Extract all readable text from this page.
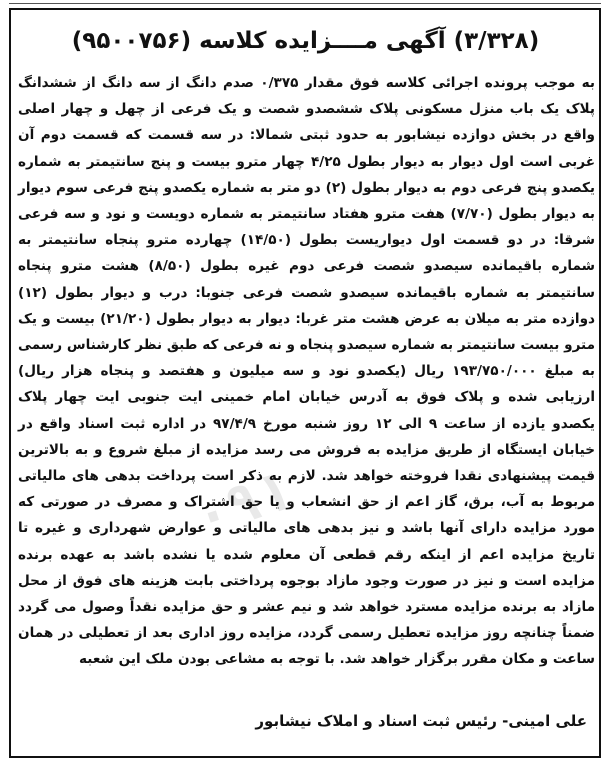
۰۹۱
(۳/۳۲۸) آگهی مــــزایده کلاسه (۹۵۰۰۷۵۶)
به موجب پرونده اجرائی کلاسه فوق مقدار ۰/۳۷۵ صدم دانگ از سه دانگ از ششدانگ پلاک یک باب منزل مسکونی پلاک ششصدو شصت و یک فرعی از چهل و چهار اصلی واقع در بخش دوازده نیشابور به حدود ثبتی شمالا: در سه قسمت که قسمت دوم آن غربی است اول دیوار به دیوار بطول ۴/۲۵ چهار مترو بیست و پنج سانتیمتر به شماره یکصدو پنج فرعی دوم به دیوار بطول (۲) دو متر به شماره یکصدو پنج فرعی سوم دیوار به دیوار بطول (۷/۷۰) هفت مترو هفتاد سانتیمتر به شماره دویست و نود و سه فرعی شرقا: در دو قسمت اول دیواریست بطول (۱۴/۵۰) چهارده مترو پنجاه سانتیمتر به شماره باقیمانده سیصدو شصت فرعی دوم غیره بطول (۸/۵۰) هشت مترو پنجاه سانتیمتر به شماره باقیمانده سیصدو شصت فرعی جنوبا: درب و دیوار بطول (۱۲) دوازده متر به میلان به عرض هشت متر غربا: دیوار به دیوار بطول (۲۱/۲۰) بیست و یک مترو بیست سانتیمتر به شماره سیصدو پنجاه و نه فرعی که طبق نظر کارشناس رسمی به مبلغ ۱۹۳/۷۵۰/۰۰۰ ریال (یکصدو نود و سه میلیون و هفتصد و پنجاه هزار ریال) ارزیابی شده و پلاک فوق به آدرس خیابان امام خمینی ایت جنوبی ایت چهار پلاک یکصدو یازده از ساعت ۹ الی ۱۲ روز شنبه مورخ ۹۷/۴/۹ در اداره ثبت اسناد واقع در خیابان ایستگاه از طریق مزایده به فروش می رسد مزایده از مبلغ شروع و به بالاترین قیمت پیشنهادی نقدا فروخته خواهد شد. لازم به ذکر است پرداخت بدهی های مالیاتی مربوط به آب، برق، گاز اعم از حق انشعاب و یا حق اشتراک و مصرف در صورتی که مورد مزایده دارای آنها باشد و نیز بدهی های مالیاتی و عوارض شهرداری و غیره تا تاریخ مزایده اعم از اینکه رقم قطعی آن معلوم شده یا نشده باشد به عهده برنده مزایده است و نیز در صورت وجود مازاد بوجوه پرداختی بابت هزینه های فوق از محل مازاد به برنده مزایده مسترد خواهد شد و نیم عشر و حق مزایده نقداً وصول می گردد ضمناً چنانچه روز مزایده تعطیل رسمی گردد، مزایده روز اداری بعد از تعطیلی در همان ساعت و مکان مقرر برگزار خواهد شد. با توجه به مشاعی بودن ملک این شعبه
علی امینی- رئیس ثبت اسناد و املاک نیشابور
